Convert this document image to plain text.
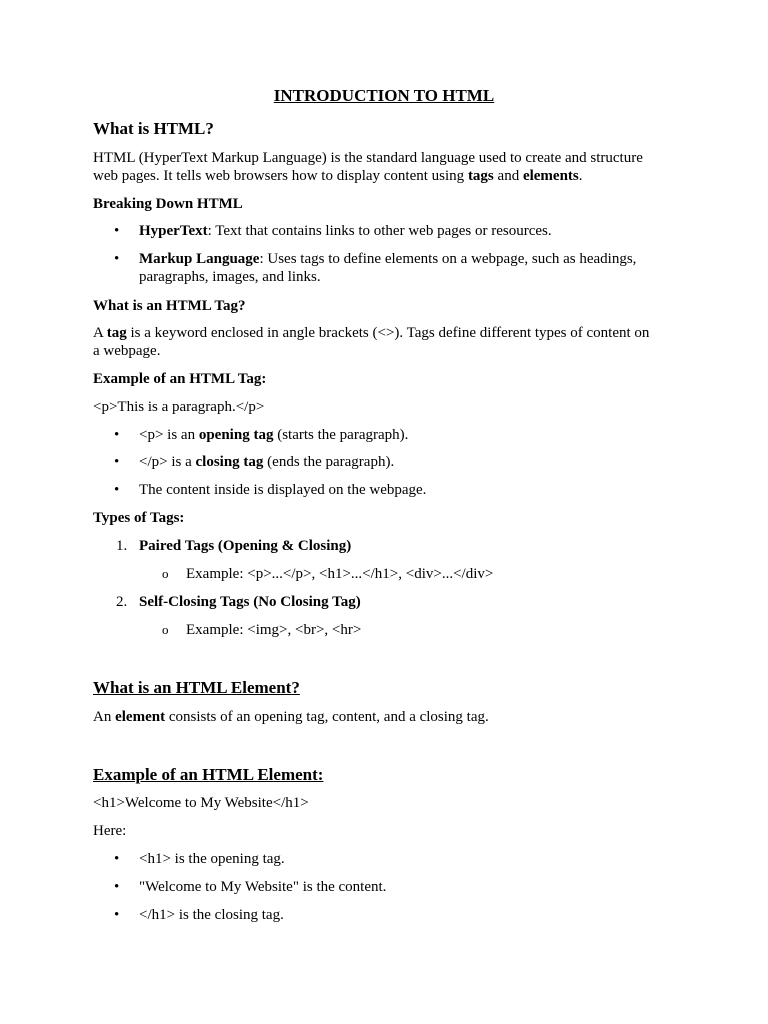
INTRODUCTION TO HTML
What is HTML?
HTML (HyperText Markup Language) is the standard language used to create and structure
web pages. It tells web browsers how to display content using tags and elements.
Breaking Down HTML
•	HyperText: Text that contains links to other web pages or resources.
•	Markup Language: Uses tags to define elements on a webpage, such as headings,
paragraphs, images, and links.
What is an HTML Tag?
A tag is a keyword enclosed in angle brackets (<>). Tags define different types of content on
a webpage.
Example of an HTML Tag:
<p>This is a paragraph.</p>
•	<p> is an opening tag (starts the paragraph).
•	</p> is a closing tag (ends the paragraph).
•	The content inside is displayed on the webpage.
Types of Tags:
1. Paired Tags (Opening & Closing)
o Example: <p>...</p>, <h1>...</h1>, <div>...</div>
2. Self-Closing Tags (No Closing Tag)
o Example: <img>, <br>, <hr>
What is an HTML Element?
An element consists of an opening tag, content, and a closing tag.
Example of an HTML Element:
<h1>Welcome to My Website</h1>
Here:
•	<h1> is the opening tag.
•	"Welcome to My Website" is the content.
•	</h1> is the closing tag.
